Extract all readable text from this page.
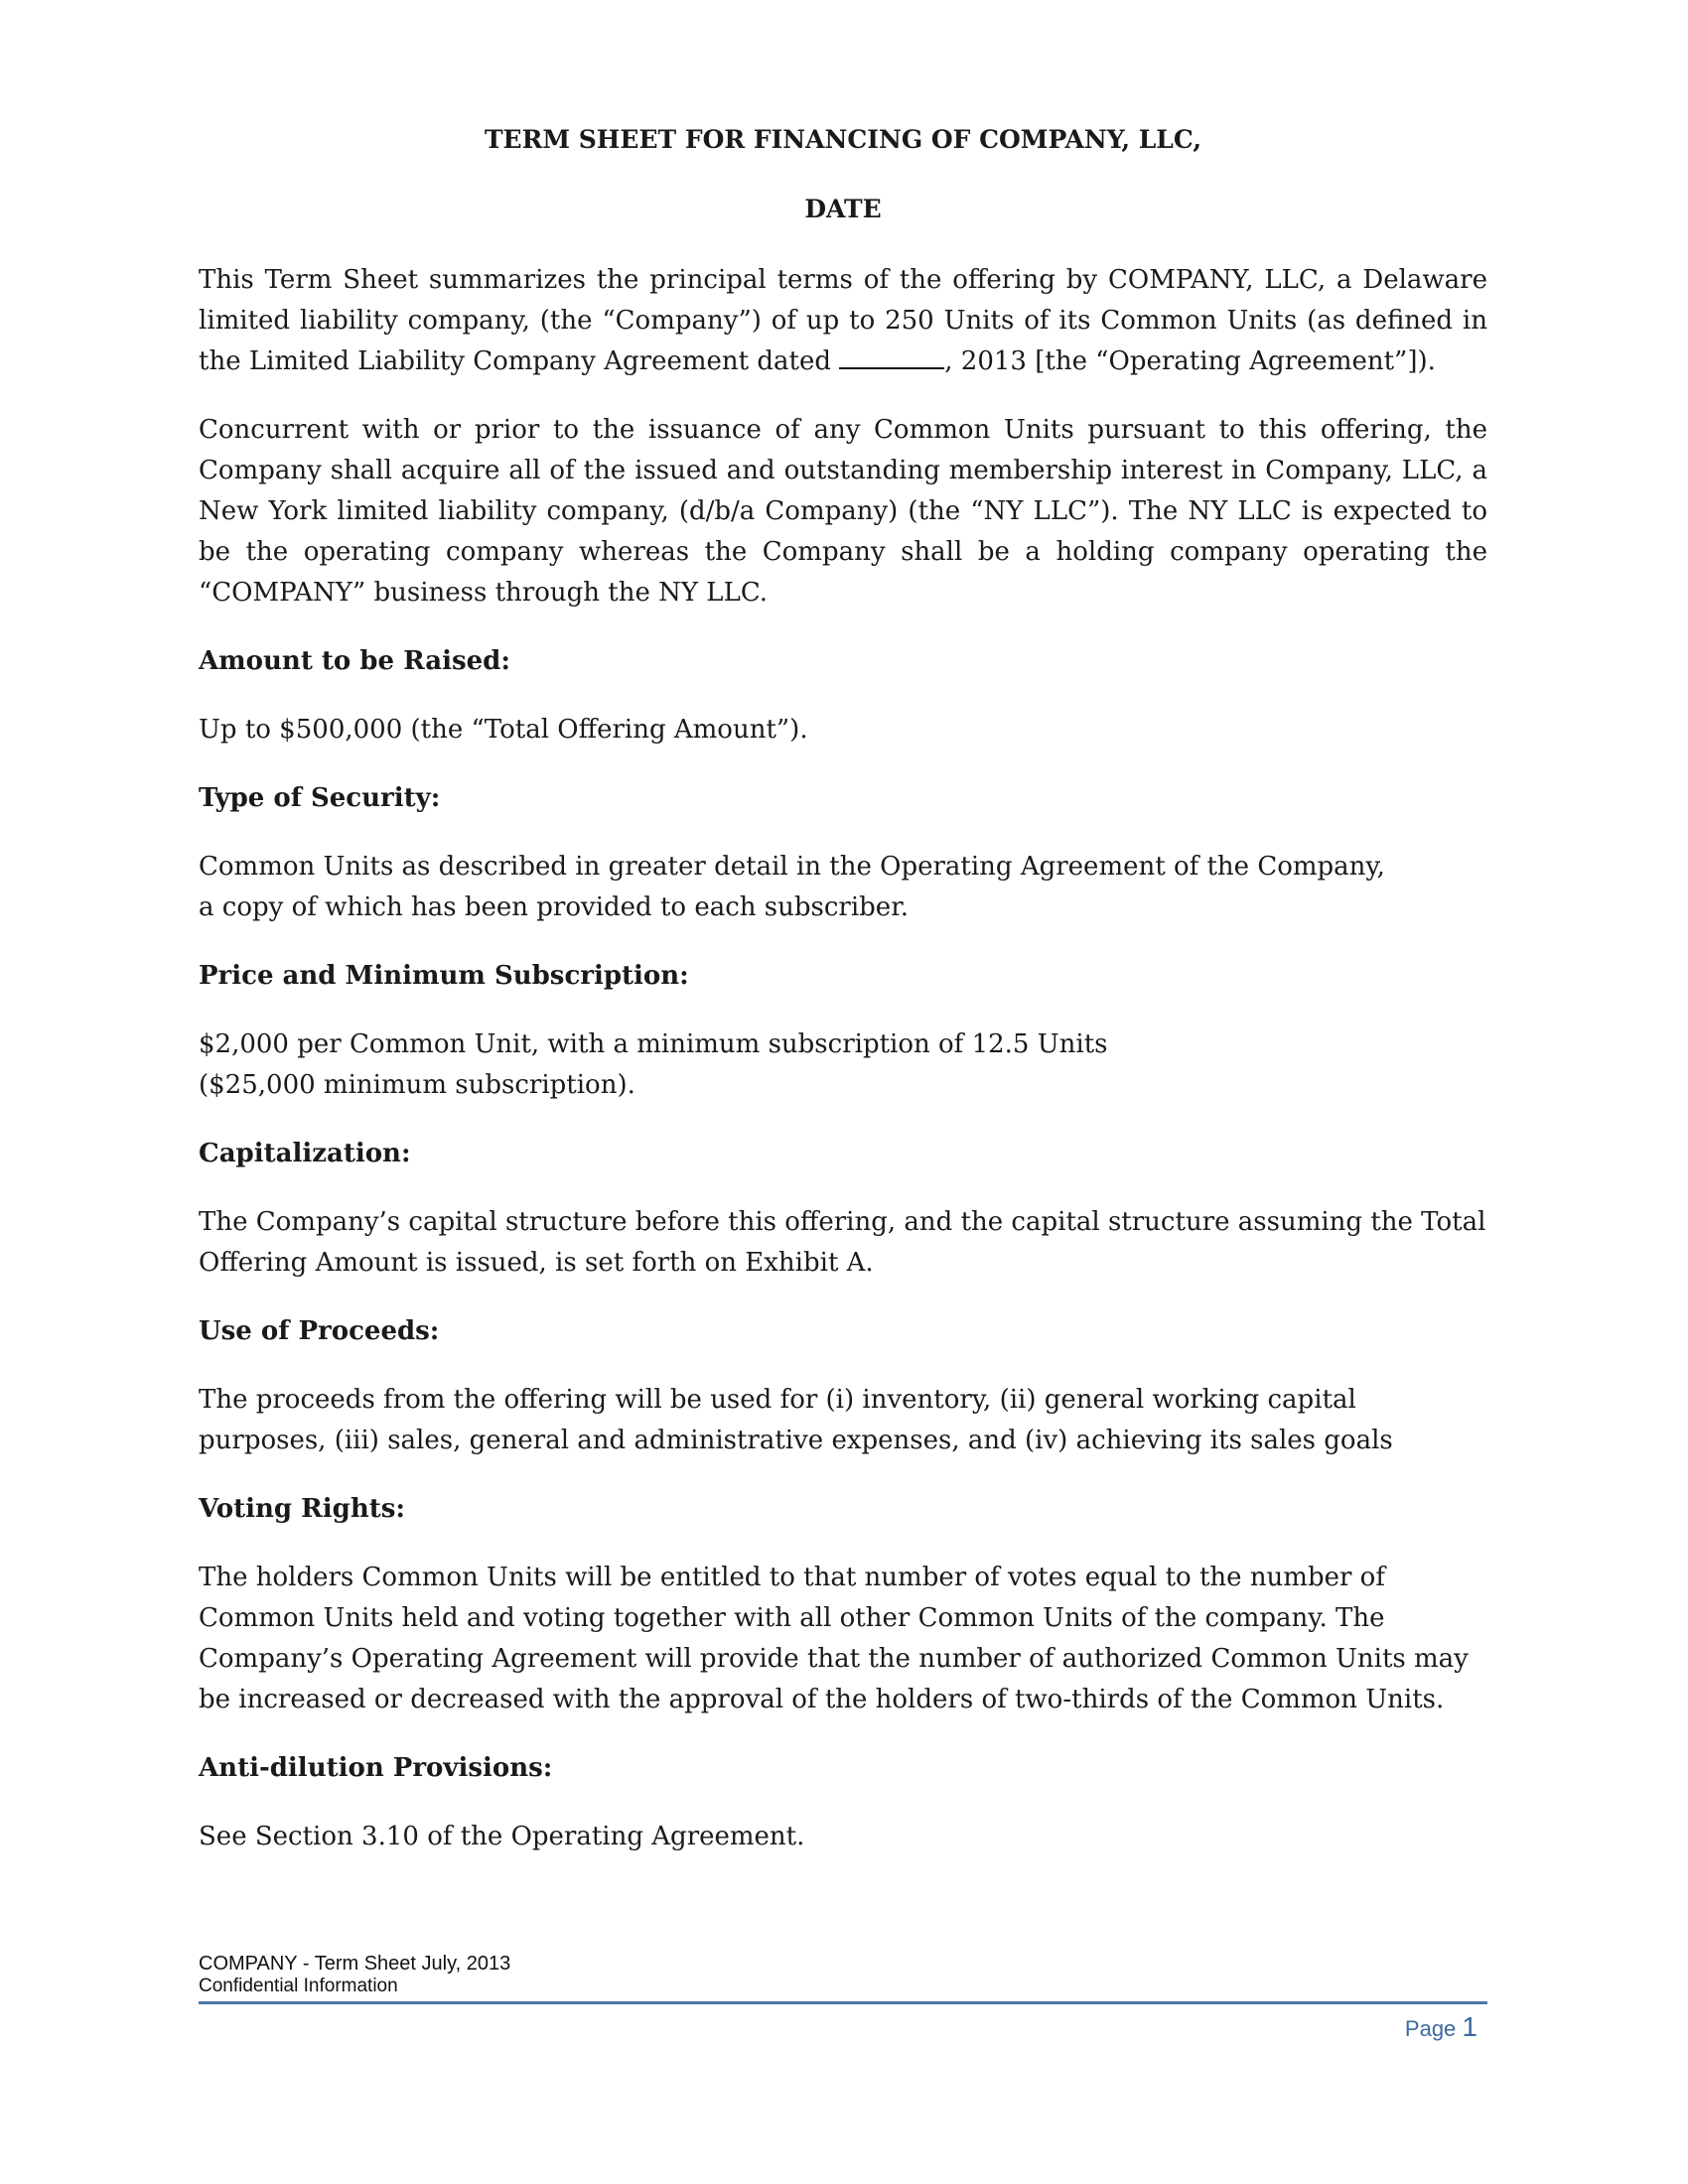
TERM SHEET FOR FINANCING OF COMPANY, LLC,
DATE

This Term Sheet summarizes the principal terms of the offering by COMPANY, LLC, a Delaware limited liability company, (the “Company”) of up to 250 Units of its Common Units (as defined in the Limited Liability Company Agreement dated	, 2013 [the “Operating Agreement”]).

Concurrent with or prior to the issuance of any Common Units pursuant to this offering, the Company shall acquire all of the issued and outstanding membership interest in Company, LLC, a New York limited liability company, (d/b/a Company) (the “NY LLC”). The NY LLC is expected to be the operating company whereas the Company shall be a holding company operating the “COMPANY” business through the NY LLC.

Amount to be Raised:

Up to $500,000 (the “Total Offering Amount”).

Type of Security:

Common Units as described in greater detail in the Operating Agreement of the Company, a copy of which has been provided to each subscriber.

Price and Minimum Subscription:

$2,000 per Common Unit, with a minimum subscription of 12.5 Units ($25,000 minimum subscription).

Capitalization:

The Company’s capital structure before this offering, and the capital structure assuming the Total Offering Amount is issued, is set forth on Exhibit A.

Use of Proceeds:

The proceeds from the offering will be used for (i) inventory, (ii) general working capital purposes, (iii) sales, general and administrative expenses, and (iv) achieving its sales goals

Voting Rights:

The holders Common Units will be entitled to that number of votes equal to the number of Common Units held and voting together with all other Common Units of the company. The Company’s Operating Agreement will provide that the number of authorized Common Units may be increased or decreased with the approval of the holders of two-thirds of the Common Units.

Anti-dilution Provisions:

See Section 3.10 of the Operating Agreement.

COMPANY - Term Sheet July, 2013
Confidential Information
Page 1
